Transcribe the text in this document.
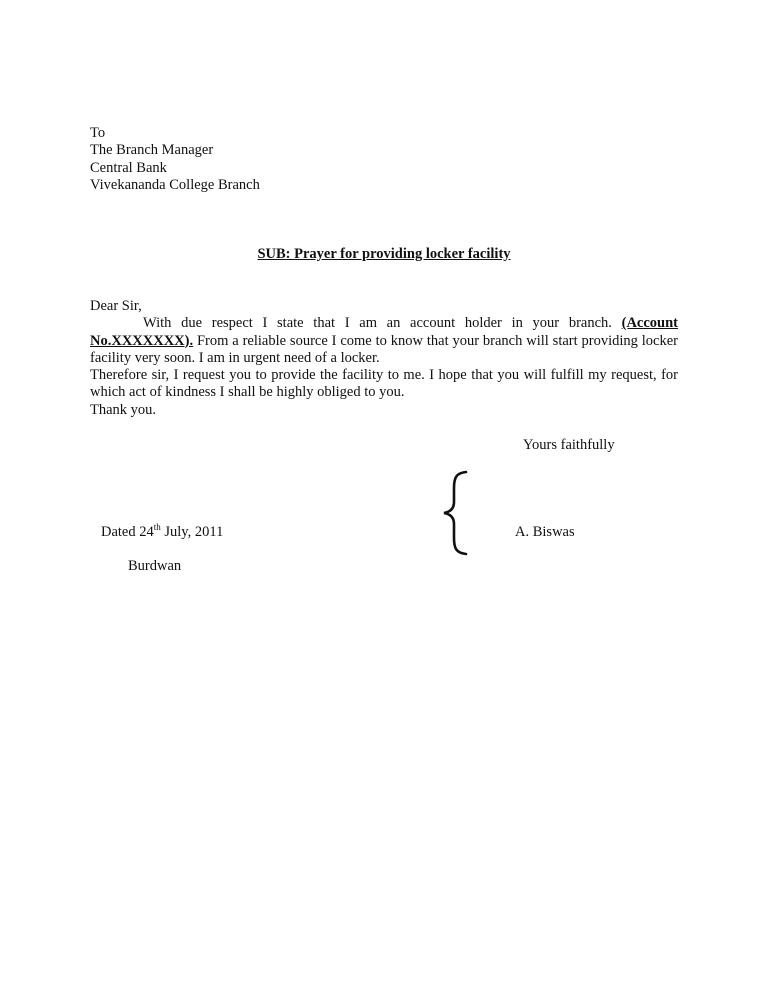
To
The Branch Manager
Central Bank
Vivekananda College Branch
SUB: Prayer for providing locker facility

Dear Sir,

With due respect I state that I am an account holder in your branch. (Account No.XXXXXXX). From a reliable source I come to know that your branch will start providing locker facility very soon. I am in urgent need of a locker.

Therefore sir, I request you to provide the facility to me. I hope that you will fulfill my request, for which act of kindness I shall be highly obliged to you.

Thank you.

Yours faithfully
Dated 24th July, 2011
Burdwan
A. Biswas
